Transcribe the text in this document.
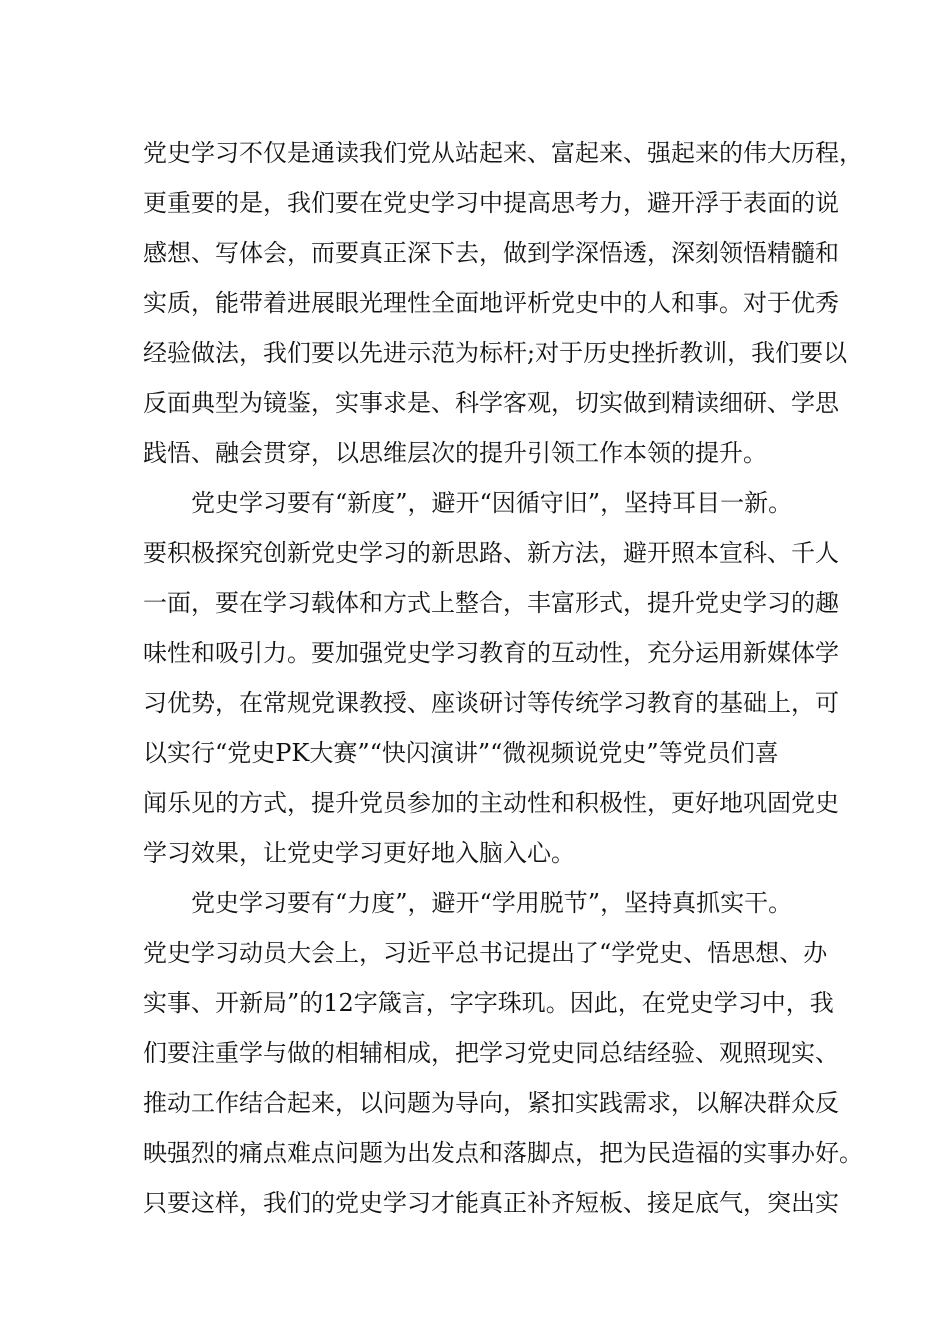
党史学习不仅是通读我们党从站起来、富起来、强起来的伟大历程，
更重要的是，我们要在党史学习中提高思考力，避开浮于表面的说
感想、写体会，而要真正深下去，做到学深悟透，深刻领悟精髓和
实质，能带着进展眼光理性全面地评析党史中的人和事。对于优秀
经验做法，我们要以先进示范为标杆;对于历史挫折教训，我们要以
反面典型为镜鉴，实事求是、科学客观，切实做到精读细研、学思
践悟、融会贯穿，以思维层次的提升引领工作本领的提升。
党史学习要有“新度”，避开“因循守旧”，坚持耳目一新。
要积极探究创新党史学习的新思路、新方法，避开照本宣科、千人
一面，要在学习载体和方式上整合，丰富形式，提升党史学习的趣
味性和吸引力。要加强党史学习教育的互动性，充分运用新媒体学
习优势，在常规党课教授、座谈研讨等传统学习教育的基础上，可
以实行“党史PK大赛”“快闪演讲”“微视频说党史”等党员们喜
闻乐见的方式，提升党员参加的主动性和积极性，更好地巩固党史
学习效果，让党史学习更好地入脑入心。
党史学习要有“力度”，避开“学用脱节”，坚持真抓实干。
党史学习动员大会上，习近平总书记提出了“学党史、悟思想、办
实事、开新局”的12字箴言，字字珠玑。因此，在党史学习中，我
们要注重学与做的相辅相成，把学习党史同总结经验、观照现实、
推动工作结合起来，以问题为导向，紧扣实践需求，以解决群众反
映强烈的痛点难点问题为出发点和落脚点，把为民造福的实事办好。
只要这样，我们的党史学习才能真正补齐短板、接足底气，突出实
